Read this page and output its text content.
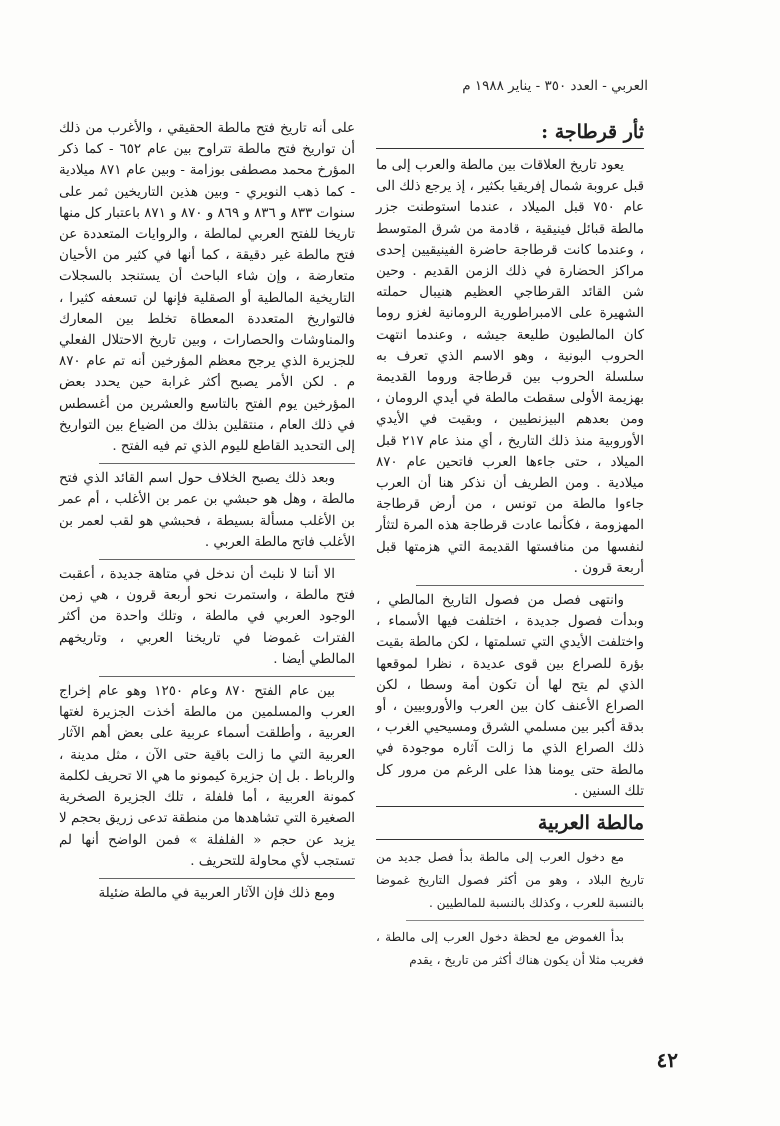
العربي - العدد ٣٥٠ - يناير ١٩٨٨ م
ثأر قرطاجة :

يعود تاريخ العلاقات بين مالطة والعرب إلى ما قبل عروبة شمال إفريقيا بكثير ، إذ يرجع ذلك الى عام ٧٥٠ قبل الميلاد ، عندما استوطنت جزر مالطة قبائل فينيقية ، قادمة من شرق المتوسط ، وعندما كانت قرطاجة حاضرة الفينيقيين إحدى مراكز الحضارة في ذلك الزمن القديم . وحين شن القائد القرطاجي العظيم هنيبال حملته الشهيرة على الامبراطورية الرومانية لغزو روما كان المالطيون طليعة جيشه ، وعندما انتهت الحروب البونية ، وهو الاسم الذي تعرف به سلسلة الحروب بين قرطاجة وروما القديمة بهزيمة الأولى سقطت مالطة في أيدي الرومان ، ومن بعدهم البيزنطيين ، وبقيت في الأيدي الأوروبية منذ ذلك التاريخ ، أي منذ عام ٢١٧ قبل الميلاد ، حتى جاءها العرب فاتحين عام ٨٧٠ ميلادية . ومن الطريف أن نذكر هنا أن العرب جاءوا مالطة من تونس ، من أرض قرطاجة المهزومة ، فكأنما عادت قرطاجة هذه المرة لتثأر لنفسها من منافستها القديمة التي هزمتها قبل أربعة قرون .

وانتهى فصل من فصول التاريخ المالطي ، وبدأت فصول جديدة ، اختلفت فيها الأسماء ، واختلفت الأيدي التي تسلمتها ، لكن مالطة بقيت بؤرة للصراع بين قوى عديدة ، نظرا لموقعها الذي لم يتح لها أن تكون أمة وسطا ، لكن الصراع الأعنف كان بين العرب والأوروبيين ، أو بدقة أكبر بين مسلمي الشرق ومسيحيي الغرب ، ذلك الصراع الذي ما زالت آثاره موجودة في مالطة حتى يومنا هذا على الرغم من مرور كل تلك السنين .

مالطة العربية

مع دخول العرب إلى مالطة بدأ فصل جديد من تاريخ البلاد ، وهو من أكثر فصول التاريخ غموضا بالنسبة للعرب ، وكذلك بالنسبة للمالطيين .

بدأ الغموض مع لحظة دخول العرب إلى مالطة ، فغريب مثلا أن يكون هناك أكثر من تاريخ ، يقدم

على أنه تاريخ فتح مالطة الحقيقي ، والأغرب من ذلك أن تواريخ فتح مالطة تتراوح بين عام ٦٥٢ - كما ذكر المؤرخ محمد مصطفى بوزامة - وبين عام ٨٧١ ميلادية - كما ذهب النويري - وبين هذين التاريخين ثمر على سنوات ٨٣٣ و ٨٣٦ و ٨٦٩ و ٨٧٠ و ٨٧١ باعتبار كل منها تاريخا للفتح العربي لمالطة ، والروايات المتعددة عن فتح مالطة غير دقيقة ، كما أنها في كثير من الأحيان متعارضة ، وإن شاء الباحث أن يستنجد بالسجلات التاريخية المالطية أو الصقلية فإنها لن تسعفه كثيرا ، فالتواريخ المتعددة المعطاة تخلط بين المعارك والمناوشات والحصارات ، وبين تاريخ الاحتلال الفعلي للجزيرة الذي يرجح معظم المؤرخين أنه تم عام ٨٧٠ م . لكن الأمر يصبح أكثر غرابة حين يحدد بعض المؤرخين يوم الفتح بالتاسع والعشرين من أغسطس في ذلك العام ، منتقلين بذلك من الضياع بين التواريخ إلى التحديد القاطع لليوم الذي تم فيه الفتح .

وبعد ذلك يصبح الخلاف حول اسم القائد الذي فتح مالطة ، وهل هو حبشي بن عمر بن الأغلب ، أم عمر بن الأغلب مسألة بسيطة ، فحبشي هو لقب لعمر بن الأغلب فاتح مالطة العربي .

الا أننا لا نلبث أن ندخل في متاهة جديدة ، أعقبت فتح مالطة ، واستمرت نحو أربعة قرون ، هي زمن الوجود العربي في مالطة ، وتلك واحدة من أكثر الفترات غموضا في تاريخنا العربي ، وتاريخهم المالطي أيضا .

بين عام الفتح ٨٧٠ وعام ١٢٥٠ وهو عام إخراج العرب والمسلمين من مالطة أخذت الجزيرة لغتها العربية ، وأطلقت أسماء عربية على بعض أهم الآثار العربية التي ما زالت باقية حتى الآن ، مثل مدينة ، والرباط . بل إن جزيرة كيمونو ما هي الا تحريف لكلمة كمونة العربية ، أما فلفلة ، تلك الجزيرة الصخرية الصغيرة التي تشاهدها من منطقة تدعى زريق بحجم لا يزيد عن حجم « الفلفلة » فمن الواضح أنها لم تستجب لأي محاولة للتحريف .

ومع ذلك فإن الآثار العربية في مالطة ضئيلة

٤٢
